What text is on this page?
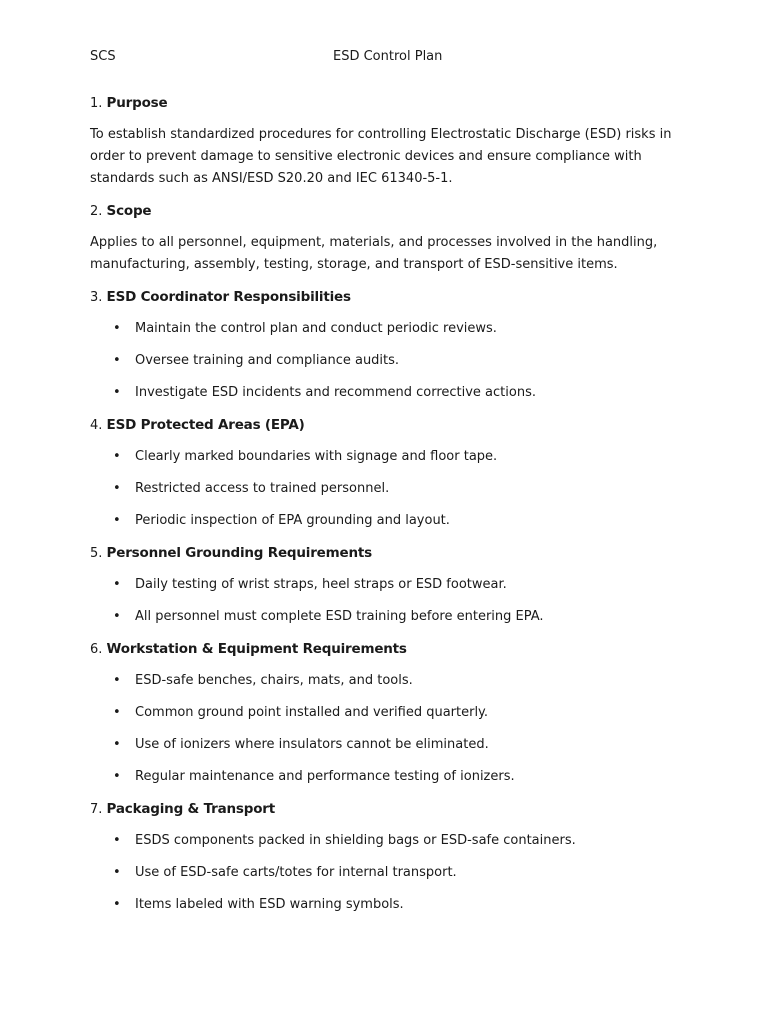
SCS	ESD Control Plan
1. Purpose

To establish standardized procedures for controlling Electrostatic Discharge (ESD) risks in order to prevent damage to sensitive electronic devices and ensure compliance with standards such as ANSI/ESD S20.20 and IEC 61340-5-1.

2. Scope

Applies to all personnel, equipment, materials, and processes involved in the handling, manufacturing, assembly, testing, storage, and transport of ESD-sensitive items.

3. ESD Coordinator Responsibilities
• Maintain the control plan and conduct periodic reviews.
• Oversee training and compliance audits.
• Investigate ESD incidents and recommend corrective actions.
4. ESD Protected Areas (EPA)
• Clearly marked boundaries with signage and floor tape.
• Restricted access to trained personnel.
• Periodic inspection of EPA grounding and layout.
5. Personnel Grounding Requirements
• Daily testing of wrist straps, heel straps or ESD footwear.
• All personnel must complete ESD training before entering EPA.
6. Workstation & Equipment Requirements
• ESD-safe benches, chairs, mats, and tools.
• Common ground point installed and verified quarterly.
• Use of ionizers where insulators cannot be eliminated.
• Regular maintenance and performance testing of ionizers.
7. Packaging & Transport
• ESDS components packed in shielding bags or ESD-safe containers.
• Use of ESD-safe carts/totes for internal transport.
• Items labeled with ESD warning symbols.
